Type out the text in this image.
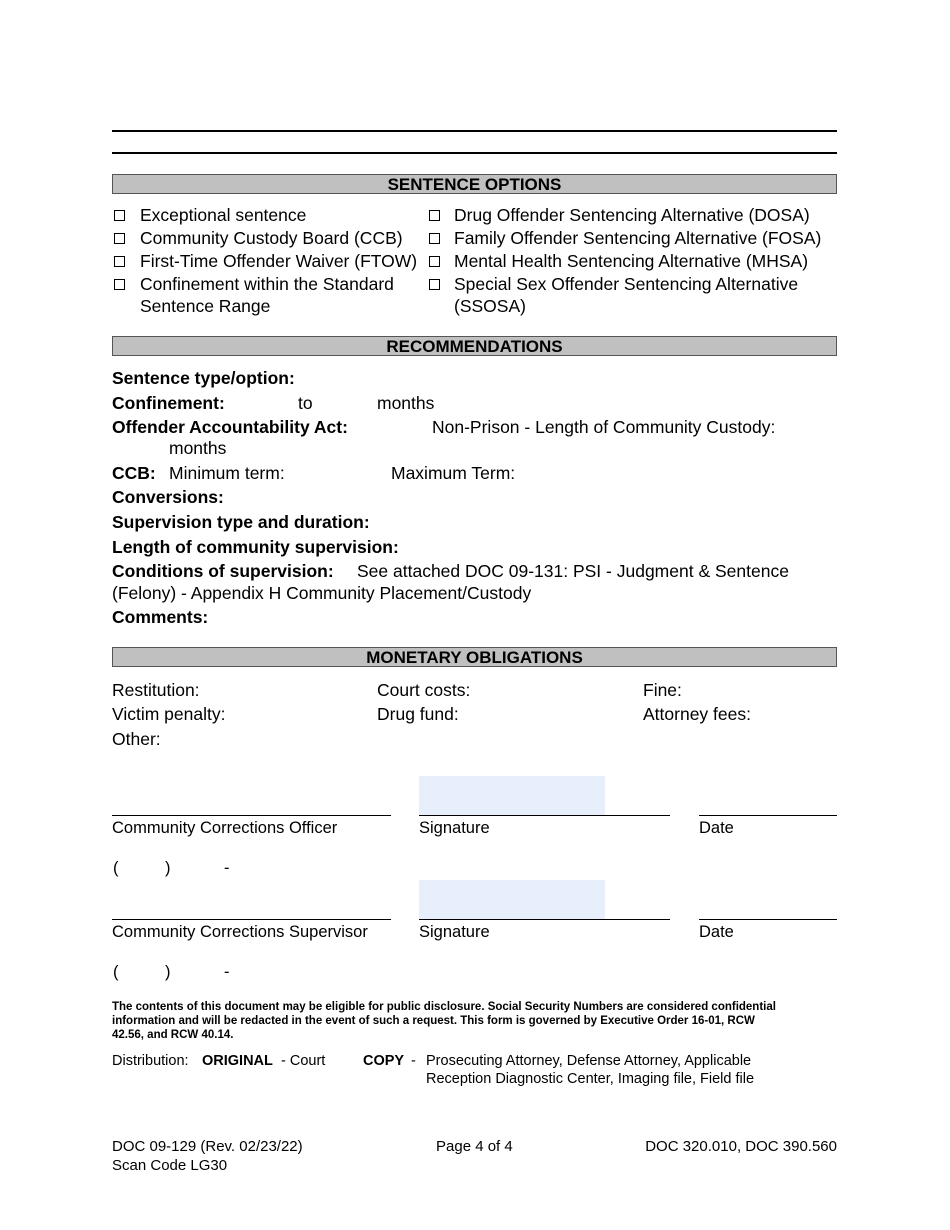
SENTENCE OPTIONS
Exceptional sentence
Community Custody Board (CCB)
First-Time Offender Waiver (FTOW)
Confinement within the Standard
Sentence Range
Drug Offender Sentencing Alternative (DOSA)
Family Offender Sentencing Alternative (FOSA)
Mental Health Sentencing Alternative (MHSA)
Special Sex Offender Sentencing Alternative
(SSOSA)
RECOMMENDATIONS
Sentence type/option:
Confinement:	to	months
Offender Accountability Act:	Non-Prison - Length of Community Custody:
months
CCB: Minimum term:	Maximum Term:
Conversions:
Supervision type and duration:
Length of community supervision:
Conditions of supervision: See attached DOC 09-131: PSI - Judgment & Sentence
(Felony) - Appendix H Community Placement/Custody
Comments:
MONETARY OBLIGATIONS
Restitution:	Court costs:	Fine:
Victim penalty:	Drug fund:	Attorney fees:
Other:
Community Corrections Officer	Signature	Date
(	)	-
Community Corrections Supervisor	Signature	Date
(	)	-
The contents of this document may be eligible for public disclosure. Social Security Numbers are considered confidential
information and will be redacted in the event of such a request. This form is governed by Executive Order 16-01, RCW
42.56, and RCW 40.14.
Distribution: ORIGINAL - Court	COPY - Prosecuting Attorney, Defense Attorney, Applicable
Reception Diagnostic Center, Imaging file, Field file
DOC 09-129 (Rev. 02/23/22)
Scan Code LG30
Page 4 of 4	DOC 320.010, DOC 390.560
